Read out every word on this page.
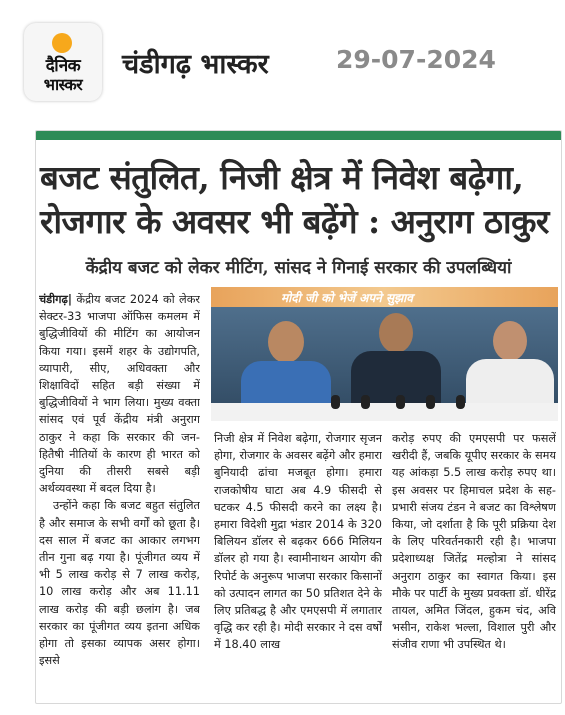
दैनिक
भास्कर
चंडीगढ़ भास्कर	29-07-2024
बजट संतुलित, निजी क्षेत्र में निवेश बढ़ेगा,
रोजगार के अवसर भी बढ़ेंगे : अनुराग ठाकुर
केंद्रीय बजट को लेकर मीटिंग, सांसद ने गिनाई सरकार की उपलब्धियां

चंडीगढ़| केंद्रीय बजट 2024 को लेकर सेक्टर-33 भाजपा ऑफिस कमलम में बुद्धिजीवियों की मीटिंग का आयोजन किया गया। इसमें शहर के उद्योगपति, व्यापारी, सीए, अधिवक्ता और शिक्षाविदों सहित बड़ी संख्या में बुद्धिजीवियों ने भाग लिया। मुख्य वक्ता सांसद एवं पूर्व केंद्रीय मंत्री अनुराग ठाकुर ने कहा कि सरकार की जन-हितैषी नीतियों के कारण ही भारत को दुनिया की तीसरी सबसे बड़ी अर्थव्यवस्था में बदल दिया है।

उन्होंने कहा कि बजट बहुत संतुलित है और समाज के सभी वर्गों को छूता है। दस साल में बजट का आकार लगभग तीन गुना बढ़ गया है। पूंजीगत व्यय में भी 5 लाख करोड़ से 7 लाख करोड़, 10 लाख करोड़ और अब 11.11 लाख करोड़ की बड़ी छलांग है। जब सरकार का पूंजीगत व्यय इतना अधिक होगा तो इसका व्यापक असर होगा। इससे

मोदी जी को भेजें अपने सुझाव

निजी क्षेत्र में निवेश बढ़ेगा, रोजगार सृजन होगा, रोजगार के अवसर बढ़ेंगे और हमारा बुनियादी ढांचा मजबूत होगा। हमारा राजकोषीय घाटा अब 4.9 फीसदी से घटकर 4.5 फीसदी करने का लक्ष्य है। हमारा विदेशी मुद्रा भंडार 2014 के 320 बिलियन डॉलर से बढ़कर 666 मिलियन डॉलर हो गया है। स्वामीनाथन आयोग की रिपोर्ट के अनुरूप भाजपा सरकार किसानों को उत्पादन लागत का 50 प्रतिशत देने के लिए प्रतिबद्ध है और एमएसपी में लगातार वृद्धि कर रही है। मोदी सरकार ने दस वर्षों में 18.40 लाख

करोड़ रुपए की एमएसपी पर फसलें खरीदी हैं, जबकि यूपीए सरकार के समय यह आंकड़ा 5.5 लाख करोड़ रुपए था। इस अवसर पर हिमाचल प्रदेश के सह-प्रभारी संजय टंडन ने बजट का विश्लेषण किया, जो दर्शाता है कि पूरी प्रक्रिया देश के लिए परिवर्तनकारी रही है। भाजपा प्रदेशाध्यक्ष जितेंद्र मल्होत्रा ने सांसद अनुराग ठाकुर का स्वागत किया। इस मौके पर पार्टी के मुख्य प्रवक्ता डॉ. धीरेंद्र तायल, अमित जिंदल, हुकम चंद, अवि भसीन, राकेश भल्ला, विशाल पुरी और संजीव राणा भी उपस्थित थे।
